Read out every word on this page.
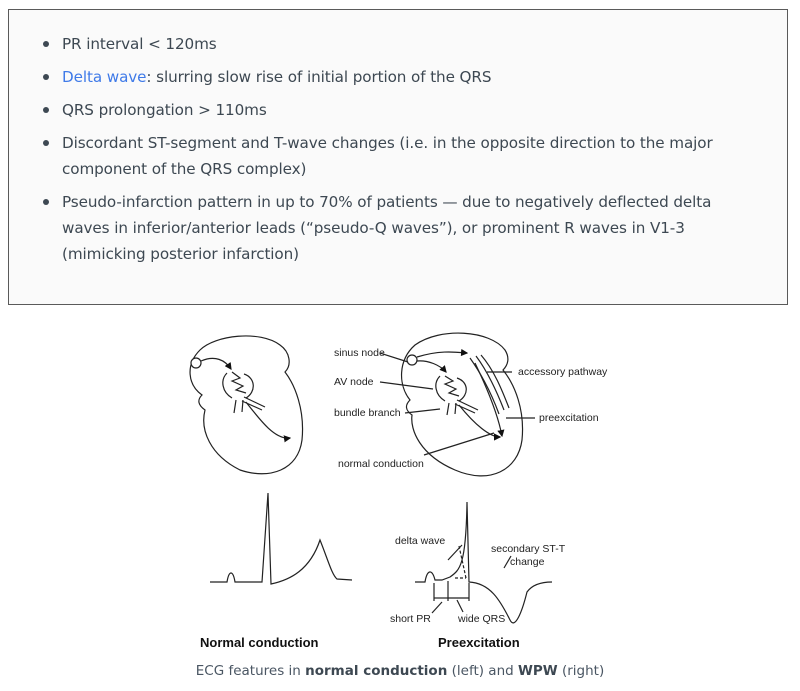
PR interval < 120ms
Delta wave: slurring slow rise of initial portion of the QRS
QRS prolongation > 110ms
Discordant ST-segment and T-wave changes (i.e. in the opposite direction to the major component of the QRS complex)
Pseudo-infarction pattern in up to 70% of patients — due to negatively deflected delta waves in inferior/anterior leads (“pseudo-Q waves”), or prominent R waves in V1-3 (mimicking posterior infarction)
sinus node
AV node
bundle branch
normal conduction
accessory pathway
preexcitation
delta wave
secondary ST-T
change
short PR	wide QRS
Normal conduction	Preexcitation
ECG features in normal conduction (left) and WPW (right)
